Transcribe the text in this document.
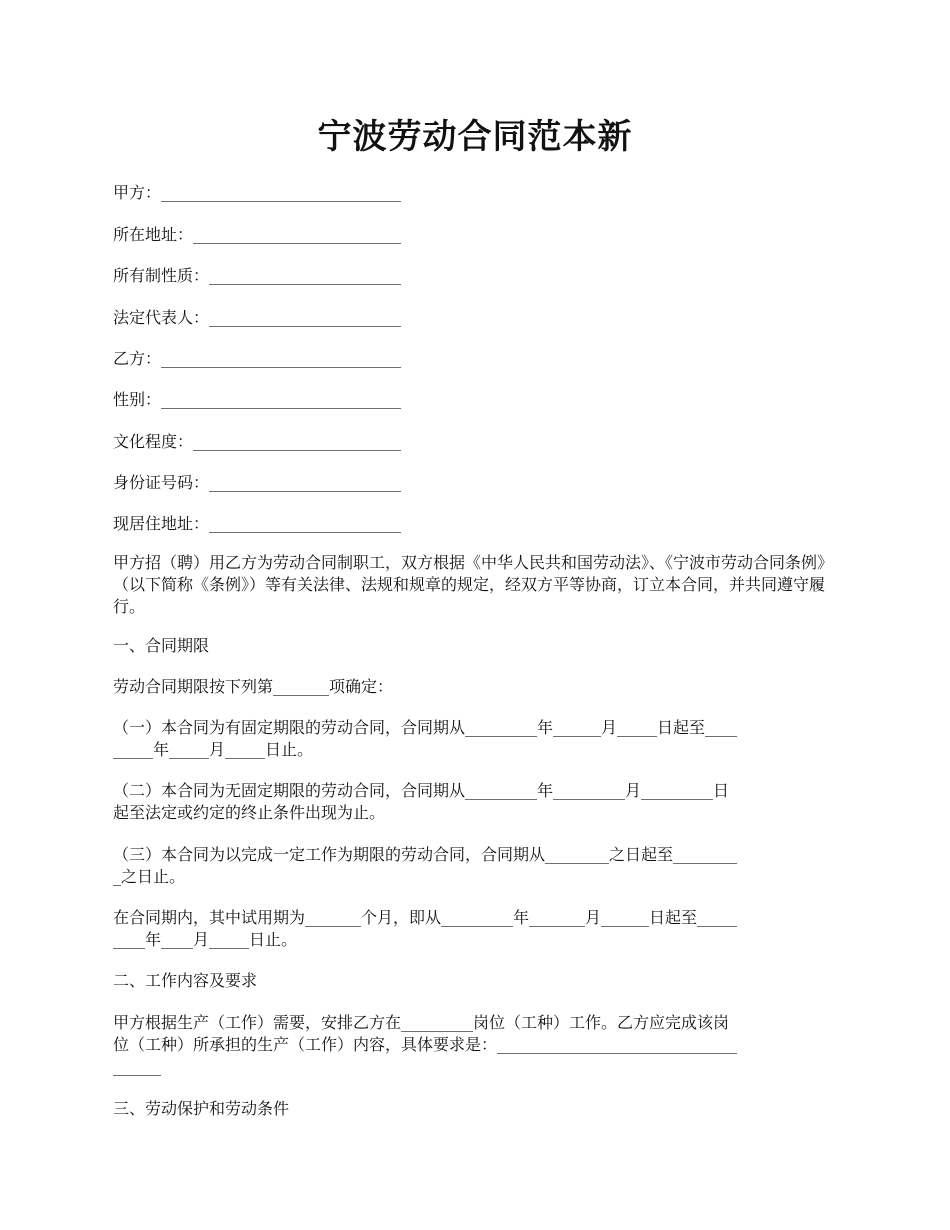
宁波劳动合同范本新
甲方：______________________________
所在地址：__________________________
所有制性质：________________________
法定代表人：________________________
乙方：______________________________
性别：______________________________
文化程度：__________________________
身份证号码：________________________
现居住地址：________________________

甲方招（聘）用乙方为劳动合同制职工，双方根据《中华人民共和国劳动法》、《宁波市劳动合同条例》（以下简称《条例》）等有关法律、法规和规章的规定，经双方平等协商，订立本合同，并共同遵守履行。

一、合同期限

劳动合同期限按下列第_______项确定：

（一）本合同为有固定期限的劳动合同，合同期从_________年______月_____日起至____

_____年_____月_____日止。

（二）本合同为无固定期限的劳动合同，合同期从_________年_________月_________日

起至法定或约定的终止条件出现为止。

（三）本合同为以完成一定工作为期限的劳动合同，合同期从________之日起至________

_之日止。

在合同期内，其中试用期为_______个月，即从_________年_______月______日起至_____

____年____月_____日止。

二、工作内容及要求

甲方根据生产（工作）需要，安排乙方在_________岗位（工种）工作。乙方应完成该岗

位（工种）所承担的生产（工作）内容，具体要求是：______________________________

______

三、劳动保护和劳动条件
